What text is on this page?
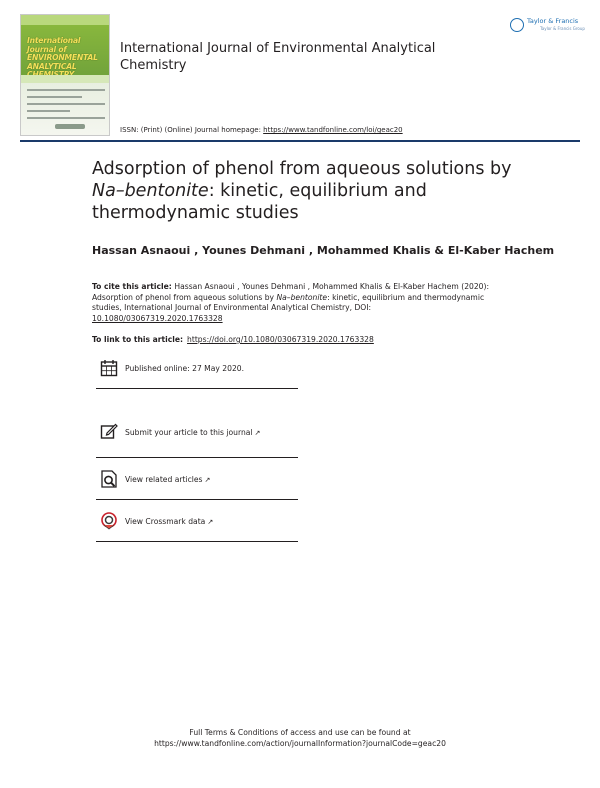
International Journal of ENVIRONMENTAL ANALYTICAL
International Journal of Environmental Analytical Chemistry
ISSN: (Print) (Online) Journal homepage: https://www.tandfonline.com/loi/geac20
Taylor & Francis
Taylor & Francis Group
Adsorption of phenol from aqueous solutions by Na–bentonite: kinetic, equilibrium and thermodynamic studies
Hassan Asnaoui , Younes Dehmani , Mohammed Khalis & El-Kaber Hachem
To cite this article: Hassan Asnaoui , Younes Dehmani , Mohammed Khalis & El-Kaber Hachem (2020): Adsorption of phenol from aqueous solutions by Na–bentonite: kinetic, equilibrium and thermodynamic studies, International Journal of Environmental Analytical Chemistry, DOI:
10.1080/03067319.2020.1763328
To link to this article: https://doi.org/10.1080/03067319.2020.1763328
Published online: 27 May 2020.
Submit your article to this journal ↗
View related articles ↗
View Crossmark data ↗
Full Terms & Conditions of access and use can be found at
https://www.tandfonline.com/action/journalInformation?journalCode=geac20
